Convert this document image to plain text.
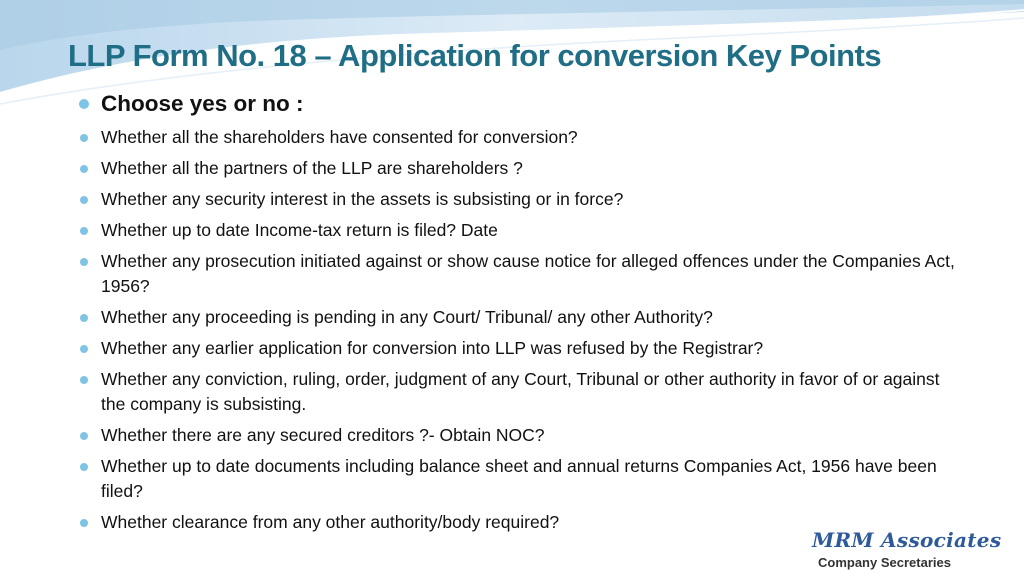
LLP Form No. 18 – Application for conversion Key Points
Choose yes or no :
Whether all the shareholders have consented for conversion?
Whether all the partners of the LLP are shareholders ?
Whether any security interest in the assets is subsisting or in force?
Whether up to date Income-tax return is filed? Date
Whether any prosecution initiated against or show cause notice for alleged offences under the Companies Act, 1956?
Whether any proceeding is pending in any Court/ Tribunal/ any other Authority?
Whether any earlier application for conversion into LLP was refused by the Registrar?
Whether any conviction, ruling, order, judgment of any Court, Tribunal or other authority in favor of or against the company is subsisting.
Whether there are any secured creditors ?- Obtain NOC?
Whether up to date documents including balance sheet and annual returns Companies Act, 1956 have been filed?
Whether clearance from any other authority/body required?
MRM Associates
Company Secretaries
